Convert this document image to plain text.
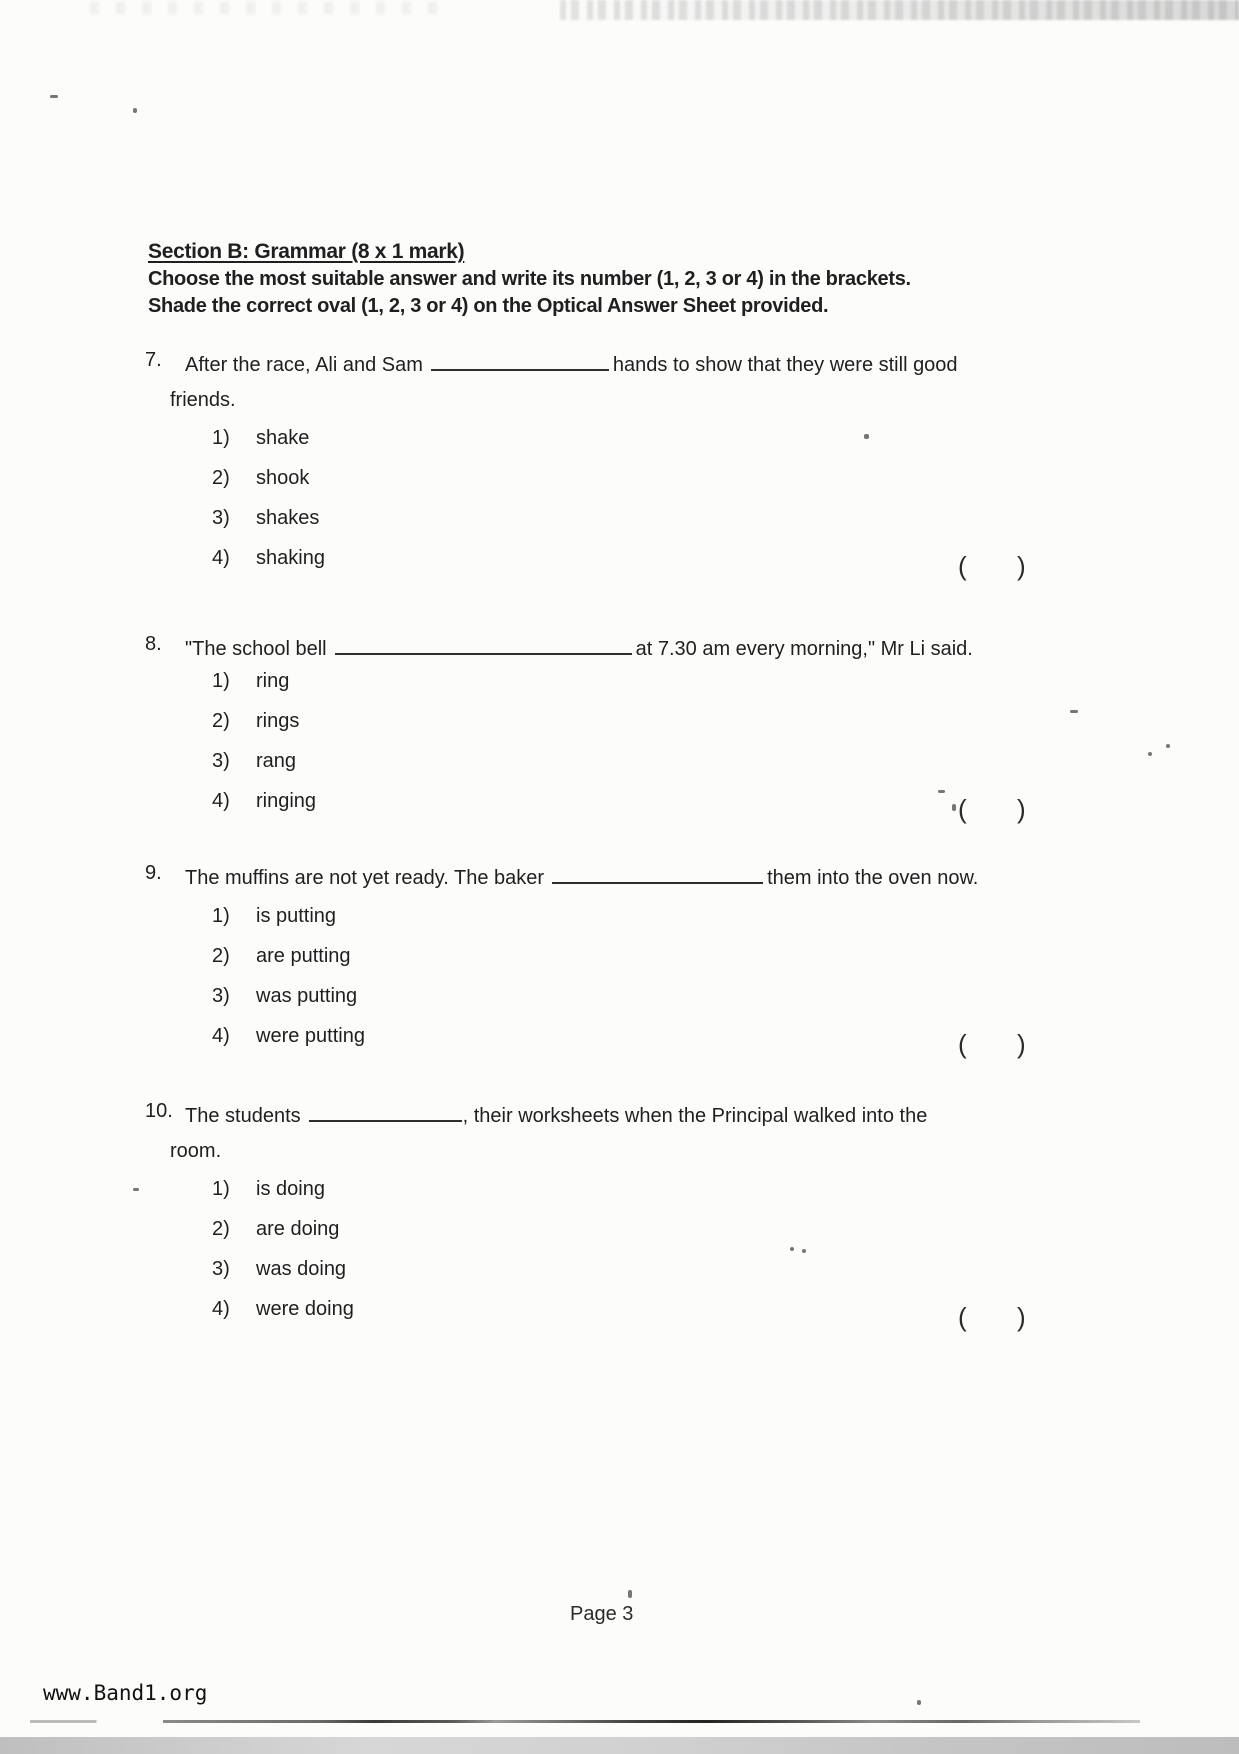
Section B: Grammar (8 x 1 mark)
Choose the most suitable answer and write its number (1, 2, 3 or 4) in the brackets.
Shade the correct oval (1, 2, 3 or 4) on the Optical Answer Sheet provided.
7. After the race, Ali and Sam	hands to show that they were still good
friends.
1)	shake
2)	shook
3)	shakes
4)	shaking	(      )
8. "The school bell	at 7.30 am every morning," Mr Li said.
1)	ring
2)	rings
3)	rang
4)	ringing	(      )
9. The muffins are not yet ready. The baker	them into the oven now.
1)	is putting
2)	are putting
3)	was putting
4)	were putting	(      )
10. The students	, their worksheets when the Principal walked into the
room.
1)	is doing
2)	are doing
3)	was doing
4)	were doing	(      )
Page 3
www.Band1.org
